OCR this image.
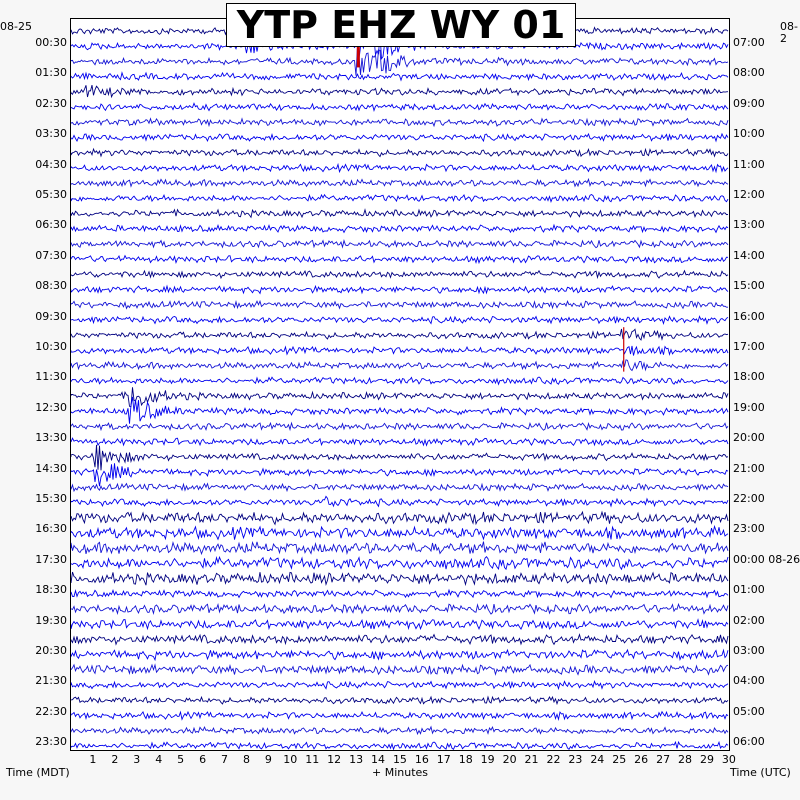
YTP EHZ WY 01
08-25	08-2
00:30
01:30
02:30
03:30
04:30
05:30
06:30
07:30
08:30
09:30
10:30
11:30
12:30
13:30
14:30
15:30
16:30
17:30
18:30
19:30
20:30
21:30
22:30
23:30
07:00
08:00
09:00
10:00
11:00
12:00
13:00
14:00
15:00
16:00
17:00
18:00
19:00
20:00
21:00
22:00
23:00
00:00 08-26
01:00
02:00
03:00
04:00
05:00
06:00
1 2 3 4 5 6 7 8 9 10 11 12 13 14 15 16 17 18 19 20 21 22 23 24 25 26 27 28 29 30
Time (MDT)	+ Minutes	Time (UTC)
